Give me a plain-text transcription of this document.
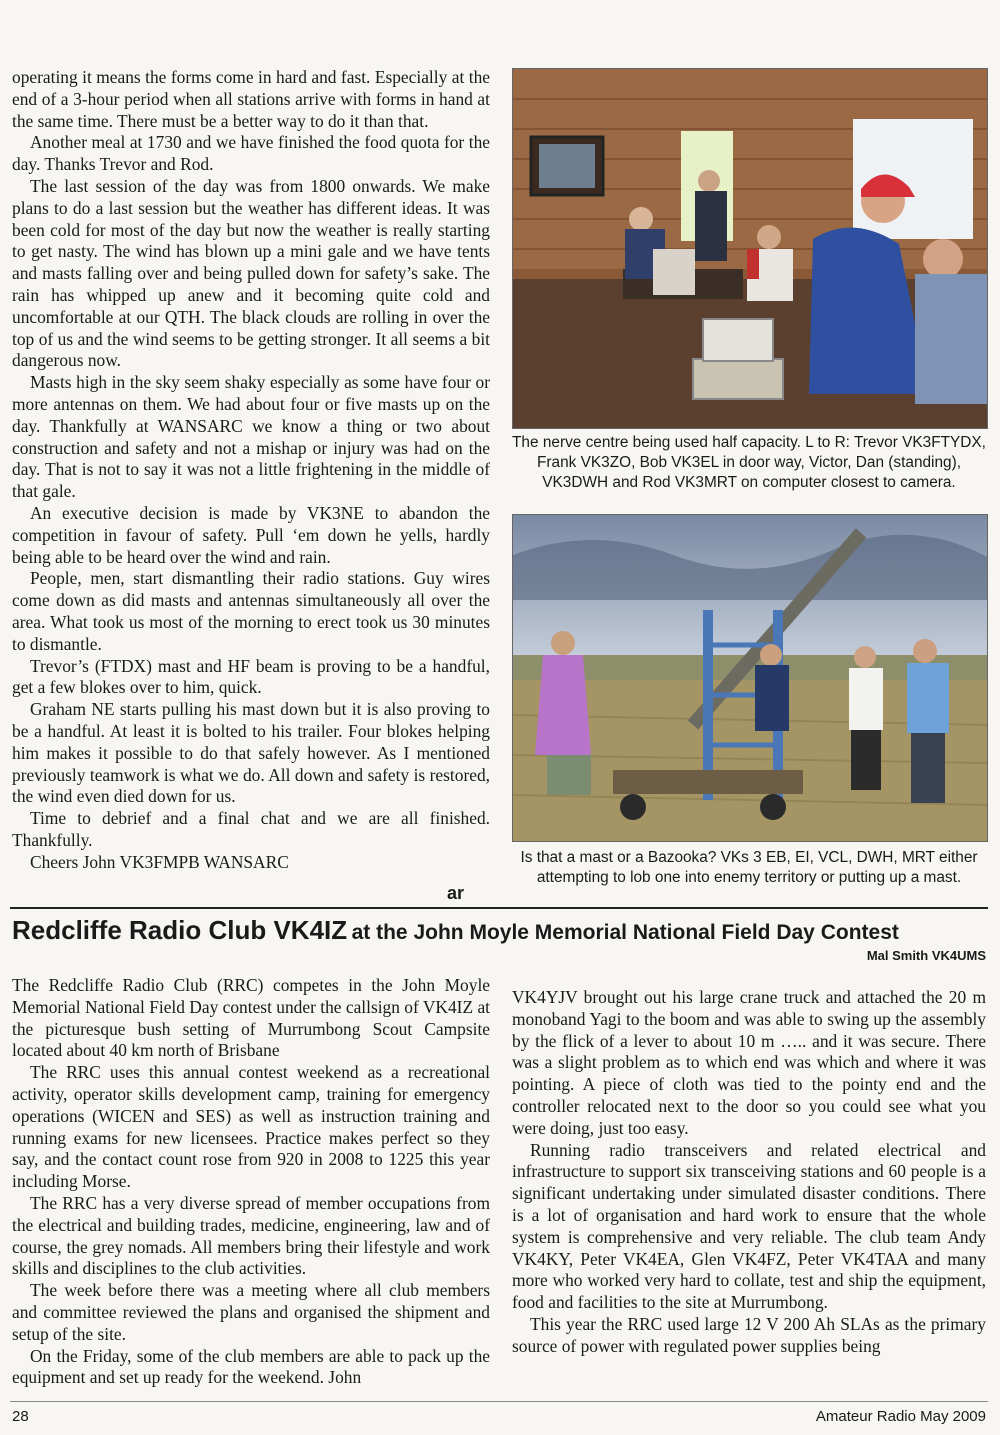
operating it means the forms come in hard and fast. Especially at the end of a 3-hour period when all stations arrive with forms in hand at the same time. There must be a better way to do it than that.

Another meal at 1730 and we have finished the food quota for the day. Thanks Trevor and Rod.

The last session of the day was from 1800 onwards. We make plans to do a last session but the weather has different ideas. It was been cold for most of the day but now the weather is really starting to get nasty. The wind has blown up a mini gale and we have tents and masts falling over and being pulled down for safety’s sake. The rain has whipped up anew and it becoming quite cold and uncomfortable at our QTH. The black clouds are rolling in over the top of us and the wind seems to be getting stronger. It all seems a bit dangerous now.

Masts high in the sky seem shaky especially as some have four or more antennas on them. We had about four or five masts up on the day. Thankfully at WANSARC we know a thing or two about construction and safety and not a mishap or injury was had on the day. That is not to say it was not a little frightening in the middle of that gale.

An executive decision is made by VK3NE to abandon the competition in favour of safety. Pull ‘em down he yells, hardly being able to be heard over the wind and rain.

People, men, start dismantling their radio stations. Guy wires come down as did masts and antennas simultaneously all over the area. What took us most of the morning to erect took us 30 minutes to dismantle.

Trevor’s (FTDX) mast and HF beam is proving to be a handful, get a few blokes over to him, quick.

Graham NE starts pulling his mast down but it is also proving to be a handful. At least it is bolted to his trailer. Four blokes helping him makes it possible to do that safely however. As I mentioned previously teamwork is what we do. All down and safety is restored, the wind even died down for us.

Time to debrief and a final chat and we are all finished. Thankfully.

Cheers John VK3FMPB WANSARC
ar
The nerve centre being used half capacity. L to R: Trevor VK3FTYDX, Frank VK3ZO, Bob VK3EL in door way, Victor, Dan (standing), VK3DWH and Rod VK3MRT on computer closest to camera.
Is that a mast or a Bazooka? VKs 3 EB, EI, VCL, DWH, MRT either attempting to lob one into enemy territory or putting up a mast.
Redcliffe Radio Club VK4IZ at the John Moyle Memorial National Field Day Contest
Mal Smith VK4UMS

The Redcliffe Radio Club (RRC) competes in the John Moyle Memorial National Field Day contest under the callsign of VK4IZ at the picturesque bush setting of Murrumbong Scout Campsite located about 40 km north of Brisbane

The RRC uses this annual contest weekend as a recreational activity, operator skills development camp, training for emergency operations (WICEN and SES) as well as instruction training and running exams for new licensees. Practice makes perfect so they say, and the contact count rose from 920 in 2008 to 1225 this year including Morse.

The RRC has a very diverse spread of member occupations from the electrical and building trades, medicine, engineering, law and of course, the grey nomads. All members bring their lifestyle and work skills and disciplines to the club activities.

The week before there was a meeting where all club members and committee reviewed the plans and organised the shipment and setup of the site.

On the Friday, some of the club members are able to pack up the equipment and set up ready for the weekend. John

VK4YJV brought out his large crane truck and attached the 20 m monoband Yagi to the boom and was able to swing up the assembly by the flick of a lever to about 10 m ….. and it was secure. There was a slight problem as to which end was which and where it was pointing. A piece of cloth was tied to the pointy end and the controller relocated next to the door so you could see what you were doing, just too easy.

Running radio transceivers and related electrical and infrastructure to support six transceiving stations and 60 people is a significant undertaking under simulated disaster conditions. There is a lot of organisation and hard work to ensure that the whole system is comprehensive and very reliable. The club team Andy VK4KY, Peter VK4EA, Glen VK4FZ, Peter VK4TAA and many more who worked very hard to collate, test and ship the equipment, food and facilities to the site at Murrumbong.

This year the RRC used large 12 V 200 Ah SLAs as the primary source of power with regulated power supplies being

28	Amateur Radio May 2009
